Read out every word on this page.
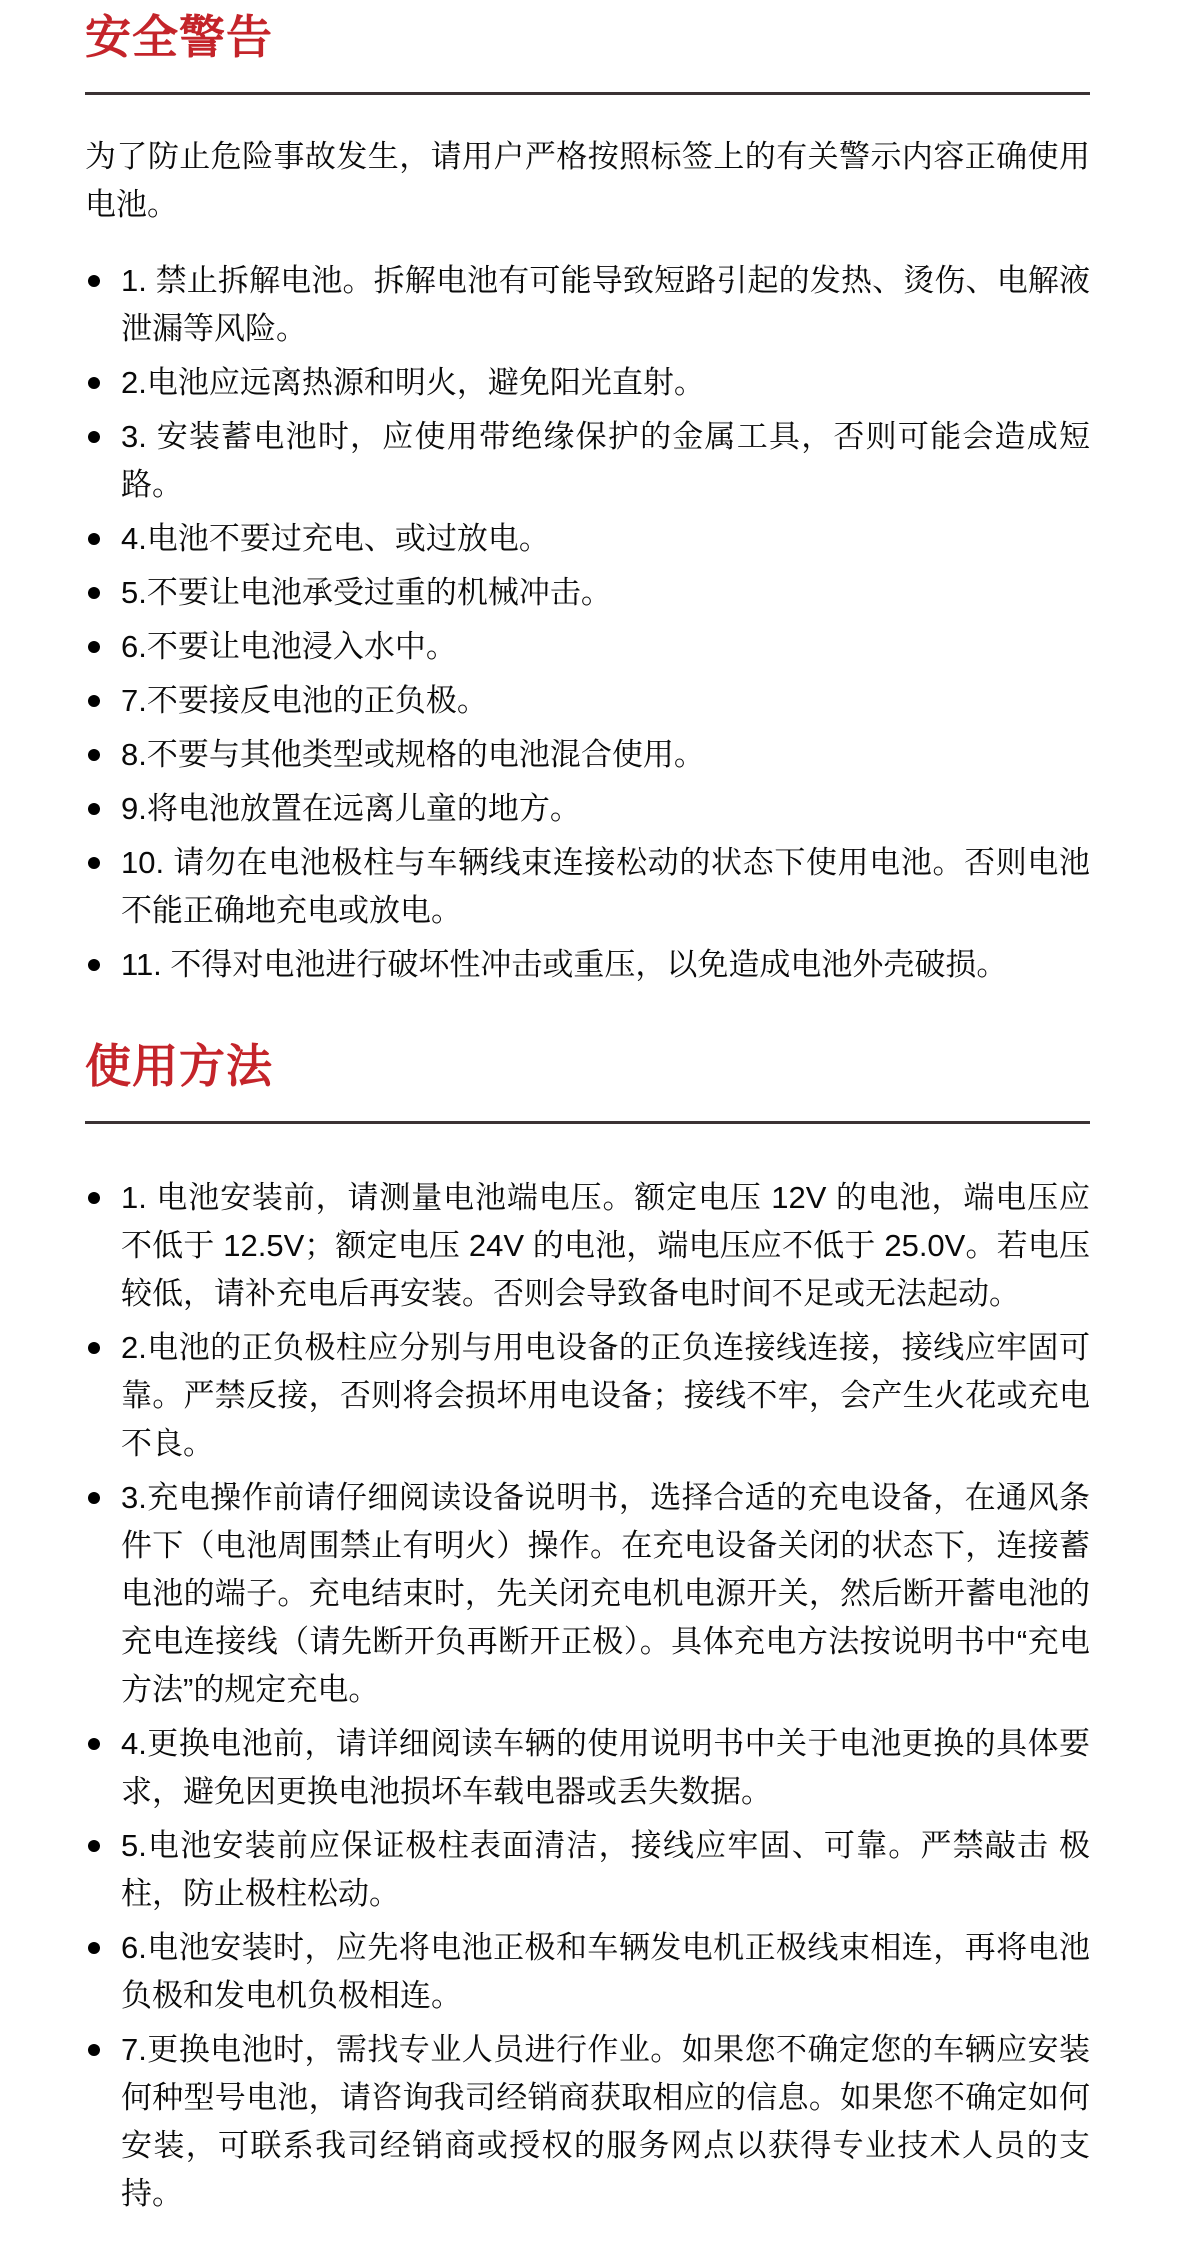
安全警告

为了防止危险事故发生，请用户严格按照标签上的有关警示内容正确使用电池。

1. 禁止拆解电池。拆解电池有可能导致短路引起的发热、烫伤、电解液泄漏等风险。
2.电池应远离热源和明火，避免阳光直射。
3. 安装蓄电池时，应使用带绝缘保护的金属工具，否则可能会造成短路。
4.电池不要过充电、或过放电。
5.不要让电池承受过重的机械冲击。
6.不要让电池浸入水中。
7.不要接反电池的正负极。
8.不要与其他类型或规格的电池混合使用。
9.将电池放置在远离儿童的地方。
10. 请勿在电池极柱与车辆线束连接松动的状态下使用电池。否则电池不能正确地充电或放电。
11. 不得对电池进行破坏性冲击或重压，以免造成电池外壳破损。
使用方法
1. 电池安装前，请测量电池端电压。额定电压 12V 的电池，端电压应不低于 12.5V；额定电压 24V 的电池，端电压应不低于 25.0V。若电压较低，请补充电后再安装。否则会导致备电时间不足或无法起动。
2.电池的正负极柱应分别与用电设备的正负连接线连接，接线应牢固可靠。严禁反接，否则将会损坏用电设备；接线不牢，会产生火花或充电不良。
3.充电操作前请仔细阅读设备说明书，选择合适的充电设备，在通风条件下（电池周围禁止有明火）操作。在充电设备关闭的状态下，连接蓄电池的端子。充电结束时，先关闭充电机电源开关，然后断开蓄电池的充电连接线（请先断开负再断开正极）。具体充电方法按说明书中“充电方法”的规定充电。
4.更换电池前，请详细阅读车辆的使用说明书中关于电池更换的具体要求，避免因更换电池损坏车载电器或丢失数据。
5.电池安装前应保证极柱表面清洁，接线应牢固、可靠。严禁敲击 极柱，防止极柱松动。
6.电池安装时，应先将电池正极和车辆发电机正极线束相连，再将电池负极和发电机负极相连。
7.更换电池时，需找专业人员进行作业。如果您不确定您的车辆应安装何种型号电池，请咨询我司经销商获取相应的信息。如果您不确定如何安装，可联系我司经销商或授权的服务网点以获得专业技术人员的支持。
